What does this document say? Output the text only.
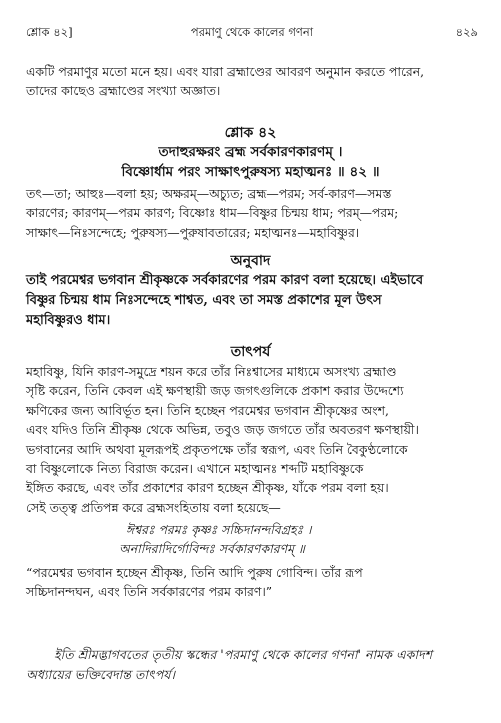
শ্লোক ৪২]	পরমাণু থেকে কালের গণনা	৪২৯

একটি পরমাণুর মতো মনে হয়। এবং যারা ব্রহ্মাণ্ডের আবরণ অনুমান করতে পারেন,
তাদের কাছেও ব্রহ্মাণ্ডের সংখ্যা অজ্ঞাত।

শ্লোক ৪২
তদাহুরক্ষরং ব্রহ্ম সর্বকারণকারণম্ ।
বিষ্ণোর্ধাম পরং সাক্ষাৎপুরুষস্য মহাত্মনঃ ॥ ৪২ ॥

তৎ—তা; আহুঃ—বলা হয়; অক্ষরম্—অচ্যুত; ব্রহ্ম—পরম; সর্ব-কারণ—সমস্ত
কারণের; কারণম্—পরম কারণ; বিষ্ণোঃ ধাম—বিষ্ণুর চিন্ময় ধাম; পরম্—পরম;
সাক্ষাৎ—নিঃসন্দেহে; পুরুষস্য—পুরুষাবতারের; মহাত্মনঃ—মহাবিষ্ণুর।

অনুবাদ

তাই পরমেশ্বর ভগবান শ্রীকৃষ্ণকে সর্বকারণের পরম কারণ বলা হয়েছে। এইভাবে
বিষ্ণুর চিন্ময় ধাম নিঃসন্দেহে শাশ্বত, এবং তা সমস্ত প্রকাশের মূল উৎস
মহাবিষ্ণুরও ধাম।

তাৎপর্য

মহাবিষ্ণু, যিনি কারণ-সমুদ্রে শয়ন করে তাঁর নিঃশ্বাসের মাধ্যমে অসংখ্য ব্রহ্মাণ্ড
সৃষ্টি করেন, তিনি কেবল এই ক্ষণস্থায়ী জড় জগৎগুলিকে প্রকাশ করার উদ্দেশ্যে
ক্ষণিকের জন্য আবির্ভূত হন। তিনি হচ্ছেন পরমেশ্বর ভগবান শ্রীকৃষ্ণের অংশ,
এবং যদিও তিনি শ্রীকৃষ্ণ থেকে অভিন্ন, তবুও জড় জগতে তাঁর অবতরণ ক্ষণস্থায়ী।
ভগবানের আদি অথবা মূলরূপই প্রকৃতপক্ষে তাঁর স্বরূপ, এবং তিনি বৈকুণ্ঠলোকে
বা বিষ্ণুলোকে নিত্য বিরাজ করেন। এখানে মহাত্মনঃ শব্দটি মহাবিষ্ণুকে
ইঙ্গিত করছে, এবং তাঁর প্রকাশের কারণ হচ্ছেন শ্রীকৃষ্ণ, যাঁকে পরম বলা হয়।
সেই তত্ত্ব প্রতিপন্ন করে ব্রহ্মসংহিতায় বলা হয়েছে—

ঈশ্বরঃ পরমঃ কৃষ্ণঃ সচ্চিদানন্দবিগ্রহঃ ।
অনাদিরাদির্গোবিন্দঃ সর্বকারণকারণম্ ॥

“পরমেশ্বর ভগবান হচ্ছেন শ্রীকৃষ্ণ, তিনি আদি পুরুষ গোবিন্দ। তাঁর রূপ
সচ্চিদানন্দঘন, এবং তিনি সর্বকারণের পরম কারণ।”

ইতি শ্রীমদ্ভাগবতের তৃতীয় স্কন্ধের 'পরমাণু থেকে কালের গণনা' নামক একাদশ
অধ্যায়ের ভক্তিবেদান্ত তাৎপর্য।
